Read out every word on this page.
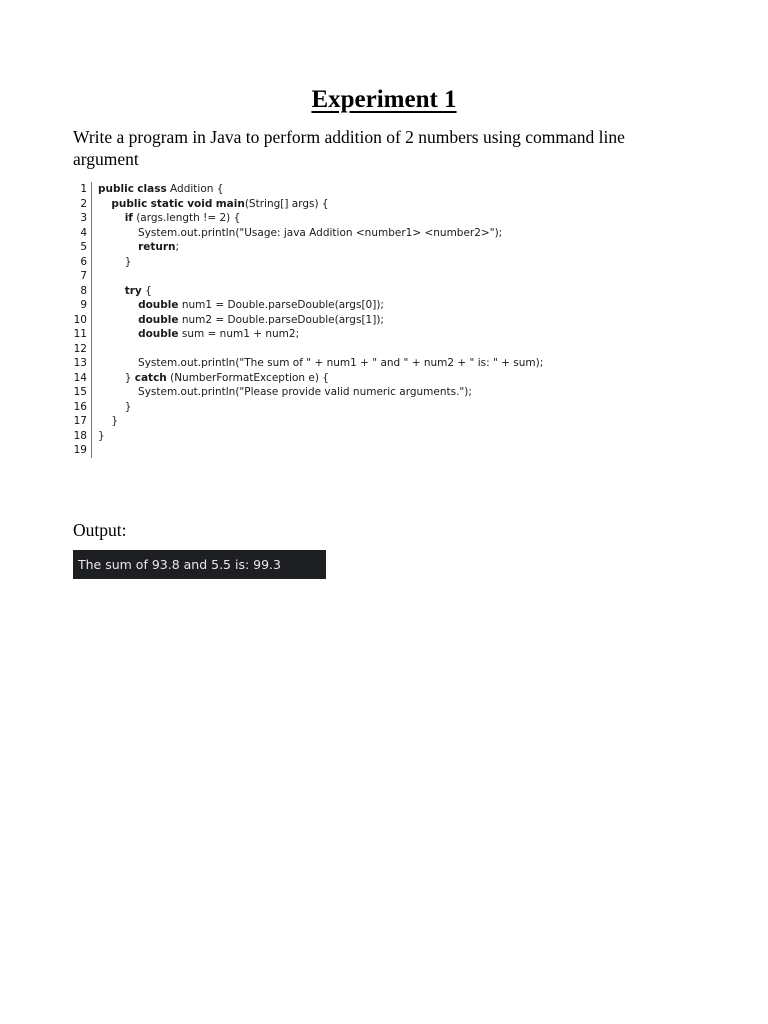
Experiment 1
Write a program in Java to perform addition of 2 numbers using command line argument
1	public class Addition {
2	public static void main(String[] args) {
3	if (args.length != 2) {
4	System.out.println("Usage: java Addition <number1> <number2>");
5	return;
6	}
7
8	try {
9	double num1 = Double.parseDouble(args[0]);
10	double num2 = Double.parseDouble(args[1]);
11	double sum = num1 + num2;
12
13	System.out.println("The sum of " + num1 + " and " + num2 + " is: " + sum);
14	} catch (NumberFormatException e) {
15	System.out.println("Please provide valid numeric arguments.");
16	}
17	}
18	}
19
Output:
The sum of 93.8 and 5.5 is: 99.3
